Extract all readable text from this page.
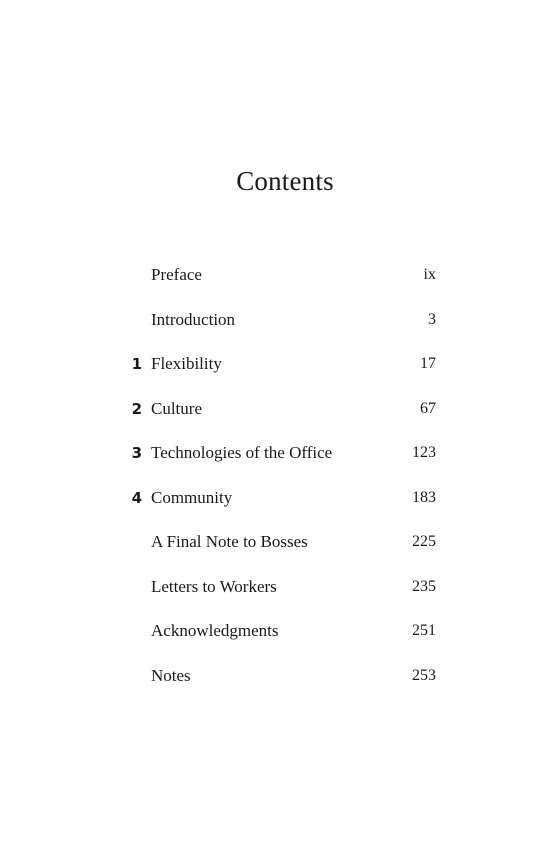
Contents
Preface	ix
Introduction	3
1 Flexibility	17
2 Culture	67
3 Technologies of the Office	123
4 Community	183
A Final Note to Bosses	225
Letters to Workers	235
Acknowledgments	251
Notes	253
